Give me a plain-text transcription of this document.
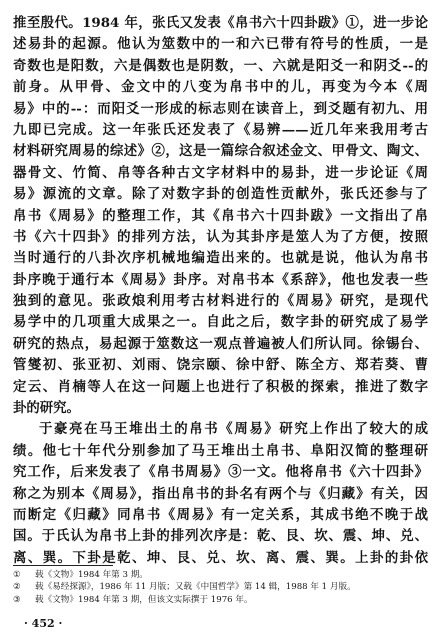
推至殷代。1984 年，张氏又发表《帛书六十四卦跋》①，进一步论
述易卦的起源。他认为筮数中的一和六已带有符号的性质，一是
奇数也是阳数，六是偶数也是阴数，一、六就是阳爻一和阴爻--的
前身。从甲骨、金文中的八变为帛书中的儿，再变为今本《周
易》中的--：而阳爻一形成的标志则在读音上，到爻题有初九、用
九即已完成。这一年张氏还发表了《易辨——近几年来我用考古
材料研究周易的综述》②，这是一篇综合叙述金文、甲骨文、陶文、
器骨文、竹简、帛等各种古文字材料中的易卦，进一步论证《周
易》源流的文章。除了对数字卦的创造性贡献外，张氏还参与了
帛书《周易》的整理工作，其《帛书六十四卦跋》一文指出了帛
书《六十四卦》的排列方法，认为其卦序是筮人为了方便，按照
当时通行的八卦次序机械地编造出来的。也就是说，他认为帛书
卦序晚于通行本《周易》卦序。对帛书本《系辞》，他也发表一些
独到的意见。张政烺利用考古材料进行的《周易》研究，是现代
易学中的几项重大成果之一。自此之后，数字卦的研究成了易学
研究的热点，易起源于筮数这一观点普遍被人们所认同。徐锡台、
管燮初、张亚初、刘雨、饶宗颐、徐中舒、陈全方、郑若葵、曹
定云、肖楠等人在这一问题上也进行了积极的探索，推进了数字
卦的研究。
于豪亮在马王堆出土的帛书《周易》研究上作出了较大的成
绩。他七十年代分别参加了马王堆出土帛书、阜阳汉简的整理研
究工作，后来发表了《帛书周易》③一文。他将帛书《六十四卦》
称之为别本《周易》，指出帛书的卦名有两个与《归藏》有关，因
而断定《归藏》同帛书《周易》有一定关系，其成书绝不晚于战
国。于氏认为帛书上卦的排列次序是：乾、艮、坎、震、坤、兑、
离、巽。下卦是乾、坤、艮、兑、坎、离、震、巽。上卦的卦依
① 载《文物》1984 年第 3 期。
② 载《易经探源》，1986 年 11 月版；又载《中国哲学》第 14 辑，1988 年 1 月版。
③ 载《文物》1984 年第 3 期，但该文实际撰于 1976 年。
· 452 ·
